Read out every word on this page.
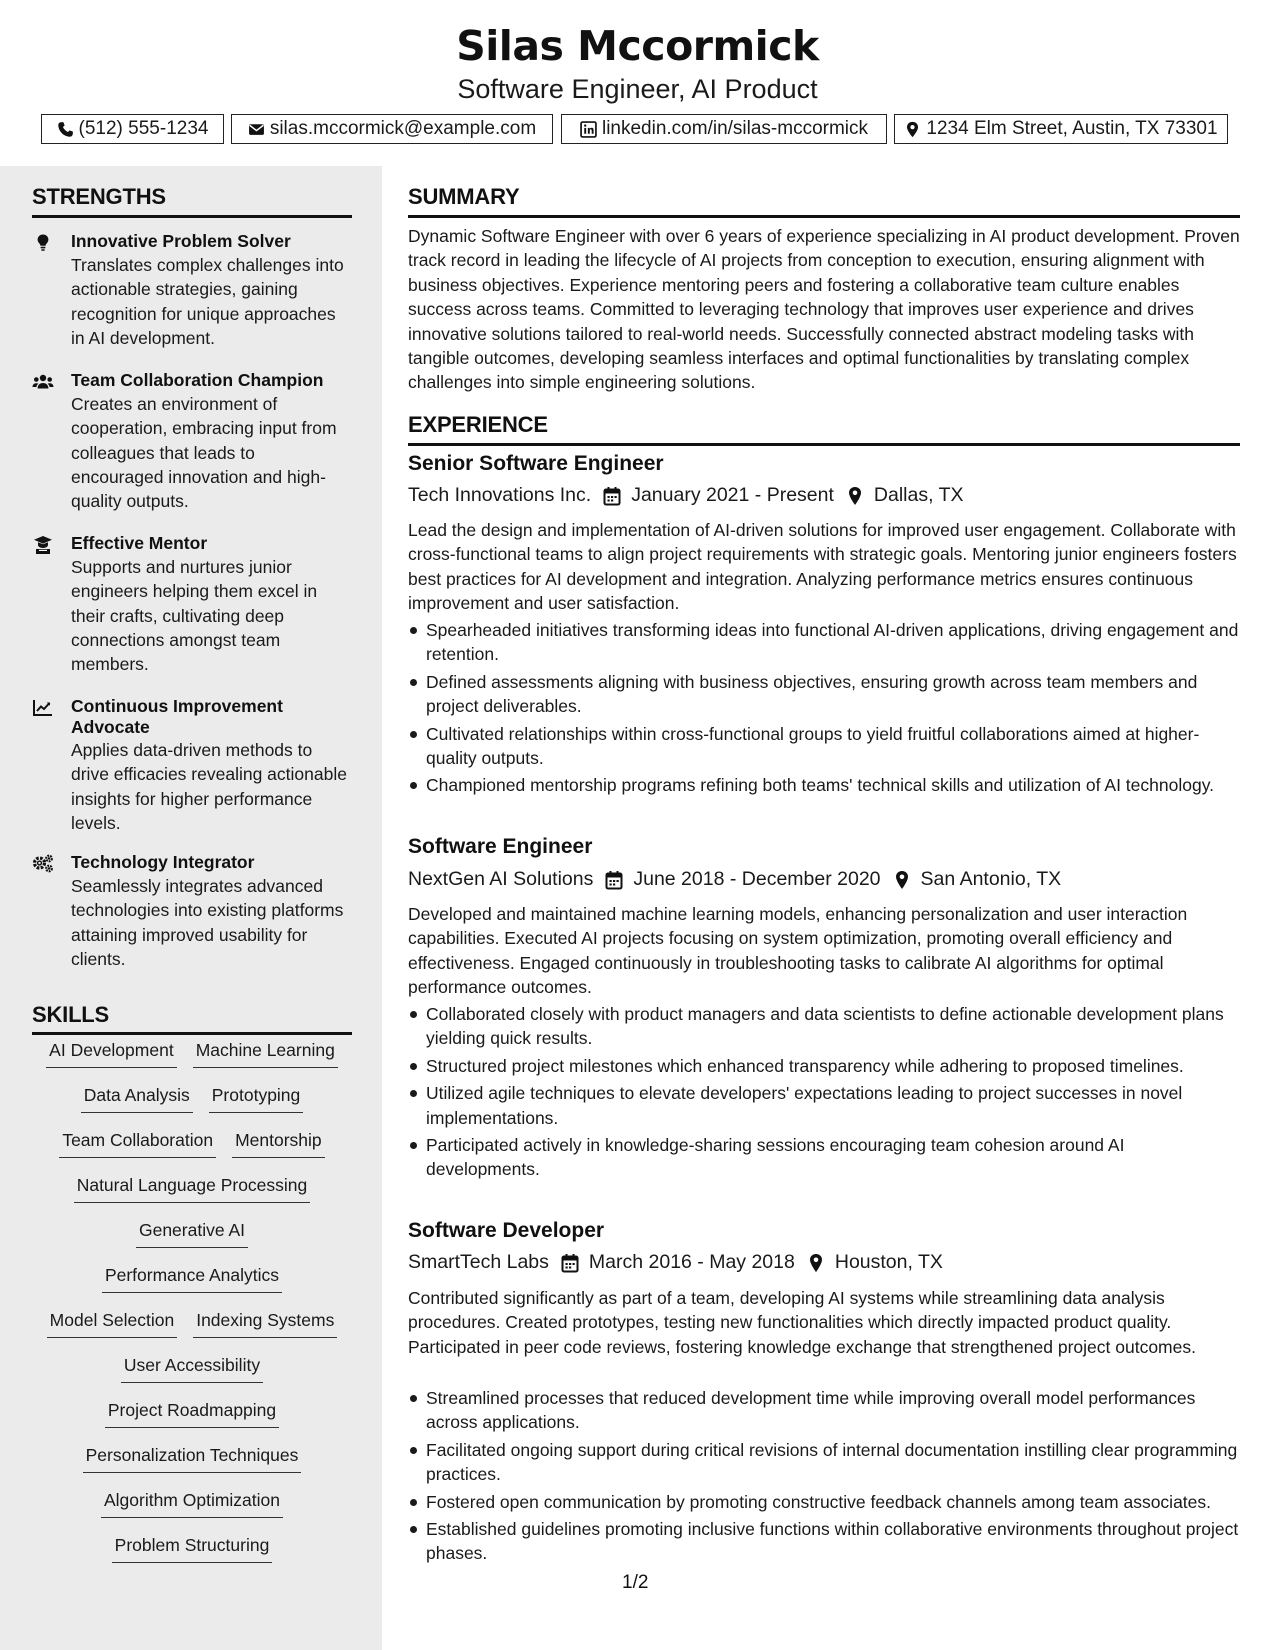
Silas Mccormick
Software Engineer, AI Product
(512) 555-1234	silas.mccormick@example.com	linkedin.com/in/silas-mccormick	1234 Elm Street, Austin, TX 73301
STRENGTHS
Innovative Problem Solver
Translates complex challenges into actionable strategies, gaining recognition for unique approaches in AI development.
Team Collaboration Champion
Creates an environment of cooperation, embracing input from colleagues that leads to encouraged innovation and high-quality outputs.
Effective Mentor
Supports and nurtures junior engineers helping them excel in their crafts, cultivating deep connections amongst team members.
Continuous Improvement Advocate
Applies data-driven methods to drive efficacies revealing actionable insights for higher performance levels.
Technology Integrator
Seamlessly integrates advanced technologies into existing platforms attaining improved usability for clients.
SKILLS
AI Development Machine Learning
Data Analysis Prototyping
Team Collaboration Mentorship
Natural Language Processing
Generative AI
Performance Analytics
Model Selection Indexing Systems
User Accessibility
Project Roadmapping
Personalization Techniques
Algorithm Optimization
Problem Structuring
SUMMARY
Dynamic Software Engineer with over 6 years of experience specializing in AI product development. Proven track record in leading the lifecycle of AI projects from conception to execution, ensuring alignment with business objectives. Experience mentoring peers and fostering a collaborative team culture enables success across teams. Committed to leveraging technology that improves user experience and drives innovative solutions tailored to real-world needs. Successfully connected abstract modeling tasks with tangible outcomes, developing seamless interfaces and optimal functionalities by translating complex challenges into simple engineering solutions.
EXPERIENCE
Senior Software Engineer
Tech Innovations Inc. January 2021 - Present Dallas, TX
Lead the design and implementation of AI-driven solutions for improved user engagement. Collaborate with cross-functional teams to align project requirements with strategic goals. Mentoring junior engineers fosters best practices for AI development and integration. Analyzing performance metrics ensures continuous improvement and user satisfaction.
Spearheaded initiatives transforming ideas into functional AI-driven applications, driving engagement and retention.
Defined assessments aligning with business objectives, ensuring growth across team members and project deliverables.
Cultivated relationships within cross-functional groups to yield fruitful collaborations aimed at higher-quality outputs.
Championed mentorship programs refining both teams' technical skills and utilization of AI technology.
Software Engineer
NextGen AI Solutions June 2018 - December 2020 San Antonio, TX
Developed and maintained machine learning models, enhancing personalization and user interaction capabilities. Executed AI projects focusing on system optimization, promoting overall efficiency and effectiveness. Engaged continuously in troubleshooting tasks to calibrate AI algorithms for optimal performance outcomes.
Collaborated closely with product managers and data scientists to define actionable development plans yielding quick results.
Structured project milestones which enhanced transparency while adhering to proposed timelines.
Utilized agile techniques to elevate developers' expectations leading to project successes in novel implementations.
Participated actively in knowledge-sharing sessions encouraging team cohesion around AI developments.
Software Developer
SmartTech Labs March 2016 - May 2018 Houston, TX
Contributed significantly as part of a team, developing AI systems while streamlining data analysis procedures. Created prototypes, testing new functionalities which directly impacted product quality. Participated in peer code reviews, fostering knowledge exchange that strengthened project outcomes.
Streamlined processes that reduced development time while improving overall model performances across applications.
Facilitated ongoing support during critical revisions of internal documentation instilling clear programming practices.
Fostered open communication by promoting constructive feedback channels among team associates.
Established guidelines promoting inclusive functions within collaborative environments throughout project phases.
1/2
